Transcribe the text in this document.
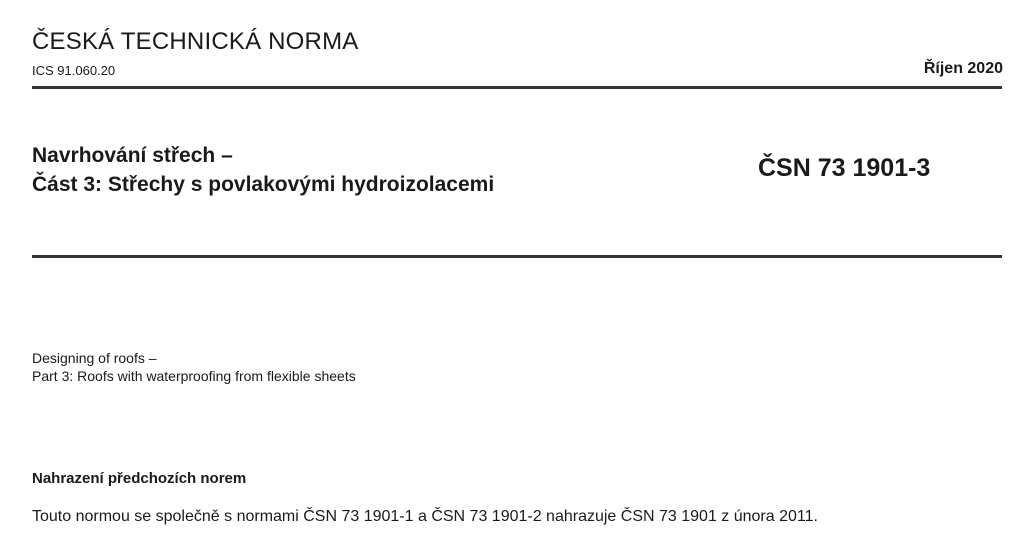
ČESKÁ TECHNICKÁ NORMA
ICS 91.060.20	Říjen 2020
Navrhování střech –
Část 3: Střechy s povlakovými hydroizolacemi
ČSN 73 1901-3
Designing of roofs –
Part 3: Roofs with waterproofing from flexible sheets
Nahrazení předchozích norem
Touto normou se společně s normami ČSN 73 1901-1 a ČSN 73 1901-2 nahrazuje ČSN 73 1901 z února 2011.
